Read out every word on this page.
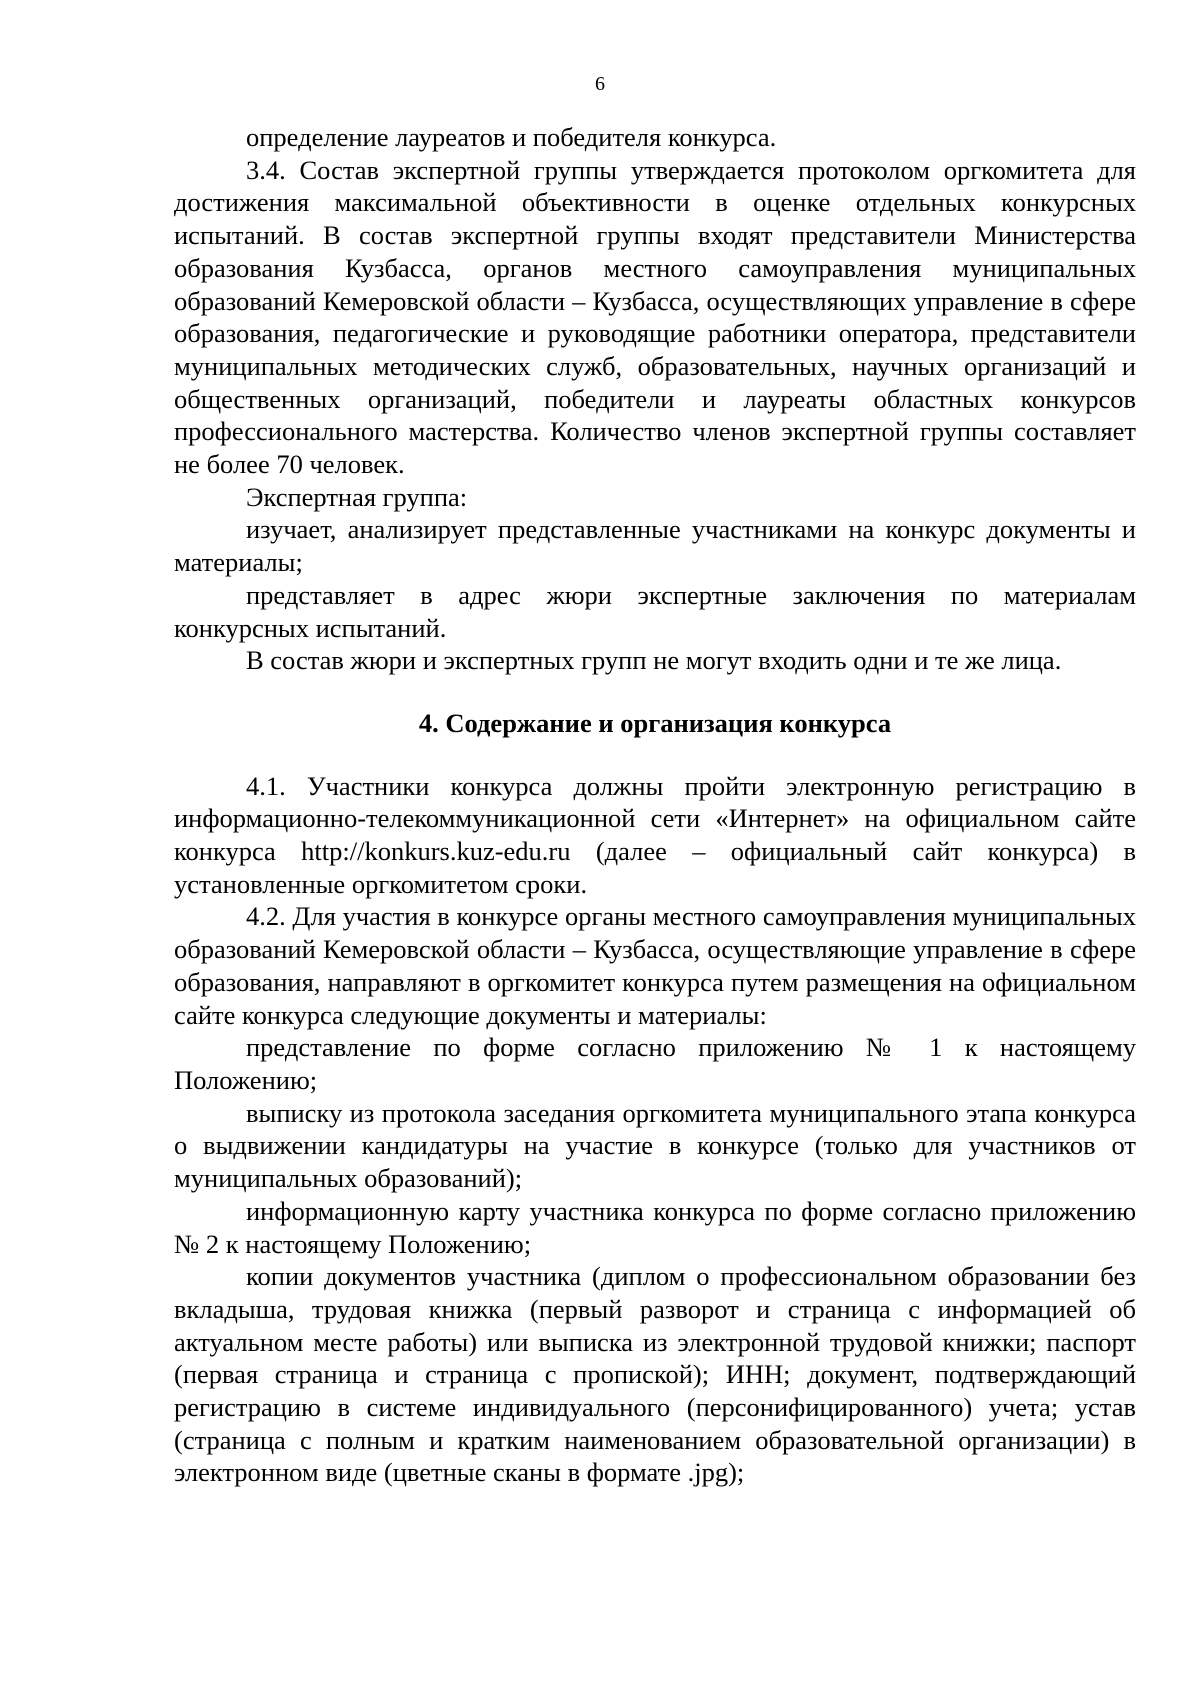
6

определение лауреатов и победителя конкурса.

3.4. Состав экспертной группы утверждается протоколом оргкомитета для достижения максимальной объективности в оценке отдельных конкурсных испытаний. В состав экспертной группы входят представители Министерства образования Кузбасса, органов местного самоуправления муниципальных образований Кемеровской области – Кузбасса, осуществляющих управление в сфере образования, педагогические и руководящие работники оператора, представители муниципальных методических служб, образовательных, научных организаций и общественных организаций, победители и лауреаты областных конкурсов профессионального мастерства. Количество членов экспертной группы составляет не более 70 человек.

Экспертная группа:

изучает, анализирует представленные участниками на конкурс документы и материалы;

представляет в адрес жюри экспертные заключения по материалам конкурсных испытаний.

В состав жюри и экспертных групп не могут входить одни и те же лица.

4. Содержание и организация конкурса

4.1. Участники конкурса должны пройти электронную регистрацию в информационно-телекоммуникационной сети «Интернет» на официальном сайте конкурса http://konkurs.kuz-edu.ru (далее – официальный сайт конкурса) в установленные оргкомитетом сроки.

4.2. Для участия в конкурсе органы местного самоуправления муниципальных образований Кемеровской области – Кузбасса, осуществляющие управление в сфере образования, направляют в оргкомитет конкурса путем размещения на официальном сайте конкурса следующие документы и материалы:

представление по форме согласно приложению № 1 к настоящему Положению;

выписку из протокола заседания оргкомитета муниципального этапа конкурса о выдвижении кандидатуры на участие в конкурсе (только для участников от муниципальных образований);

информационную карту участника конкурса по форме согласно приложению № 2 к настоящему Положению;

копии документов участника (диплом о профессиональном образовании без вкладыша, трудовая книжка (первый разворот и страница с информацией об актуальном месте работы) или выписка из электронной трудовой книжки; паспорт (первая страница и страница с пропиской); ИНН; документ, подтверждающий регистрацию в системе индивидуального (персонифицированного) учета; устав (страница с полным и кратким наименованием образовательной организации) в электронном виде (цветные сканы в формате .jpg);
